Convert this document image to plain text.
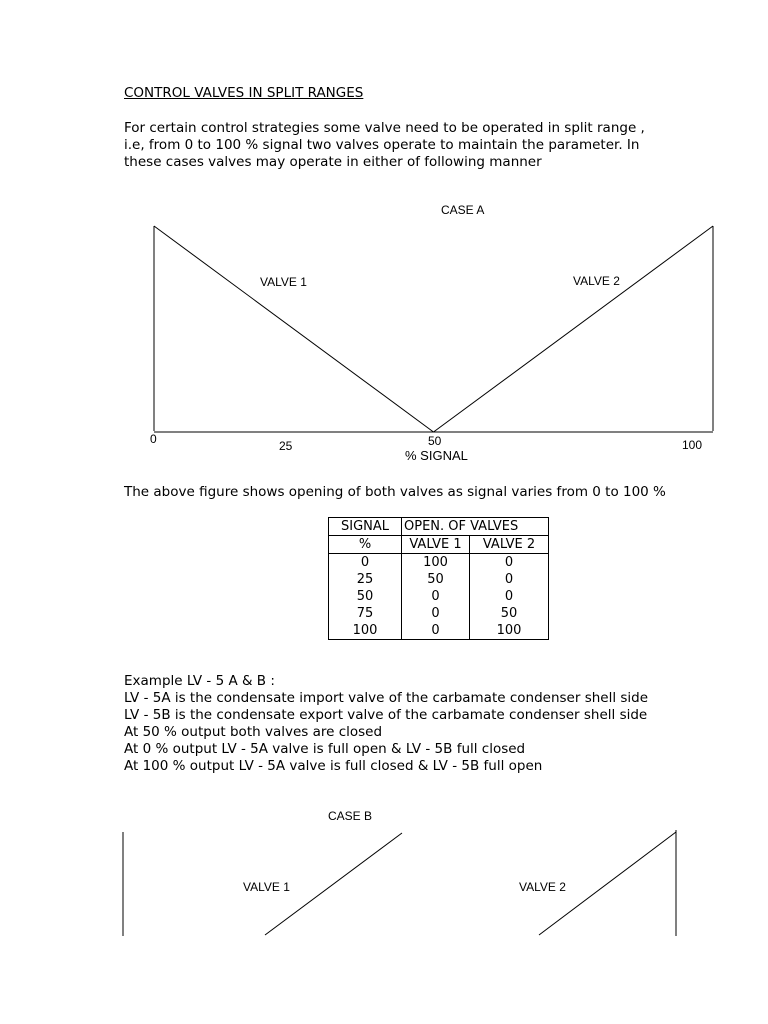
CONTROL VALVES IN SPLIT RANGES
For certain control strategies some valve need to be operated in split range ,
i.e, from 0 to 100 % signal two valves operate to maintain the parameter. In
these cases valves may operate in either of following manner
CASE A
VALVE 1	VALVE 2
0	25	50	100
% SIGNAL
The above figure shows opening of both valves as signal varies from 0 to 100 %
SIGNAL	OPEN. OF VALVES	
%	VALVE 1	VALVE 2
0	100	0
25	50	0
50	0	0
75	0	50
100	0	100
Example LV - 5 A & B :
LV - 5A is the condensate import valve of the carbamate condenser shell side
LV - 5B is the condensate export valve of the carbamate condenser shell side
At 50 % output both valves are closed
At 0 % output LV - 5A valve is full open & LV - 5B full closed
At 100 % output LV - 5A valve is full closed & LV - 5B full open
CASE B
VALVE 1	VALVE 2
